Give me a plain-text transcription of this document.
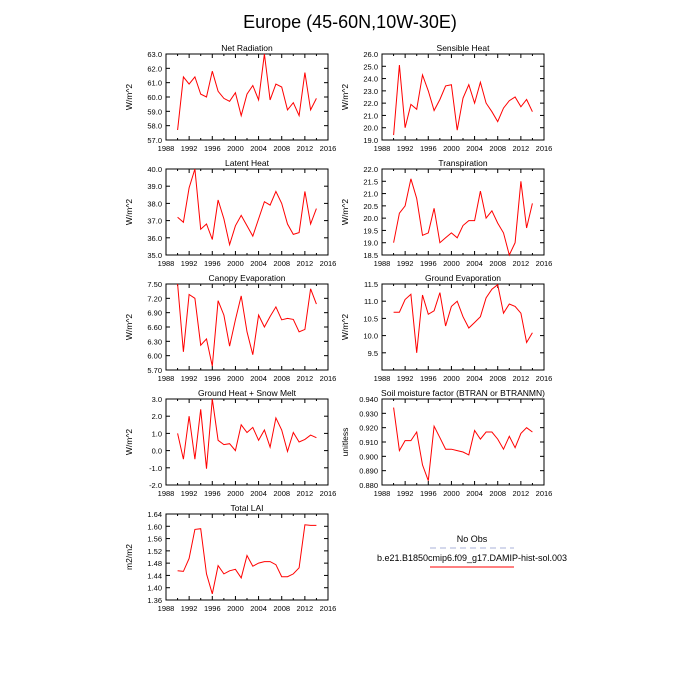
Europe (45-60N,10W-30E)
Net Radiation
W/m^2
1988 1992 1996 2000 2004 2008 2012 2016
57.0
58.0
59.0
60.0
61.0
62.0
63.0
Sensible Heat
W/m^2
1988 1992 1996 2000 2004 2008 2012 2016
19.0
20.0
21.0
22.0
23.0
24.0
25.0
26.0
Latent Heat
W/m^2
1988 1992 1996 2000 2004 2008 2012 2016
35.0
36.0
37.0
38.0
39.0
40.0
Transpiration
W/m^2
1988 1992 1996 2000 2004 2008 2012 2016
18.5
19.0
19.5
20.0
20.5
21.0
21.5
22.0
Canopy Evaporation
W/m^2
1988 1992 1996 2000 2004 2008 2012 2016
5.70
6.00
6.30
6.60
6.90
7.20
7.50
Ground Evaporation
W/m^2
1988 1992 1996 2000 2004 2008 2012 2016
9.5
10.0
10.5
11.0
11.5
Ground Heat + Snow Melt
W/m^2
1988 1992 1996 2000 2004 2008 2012 2016
-2.0
-1.0
0.0
1.0
2.0
3.0
Soil moisture factor (BTRAN or BTRANMN)
unitless
1988 1992 1996 2000 2004 2008 2012 2016
0.880
0.890
0.900
0.910
0.920
0.930
0.940
Total LAI
m2/m2
1988 1992 1996 2000 2004 2008 2012 2016
1.36
1.40
1.44
1.48
1.52
1.56
1.60
1.64
No Obs
b.e21.B1850cmip6.f09_g17.DAMIP-hist-sol.003
